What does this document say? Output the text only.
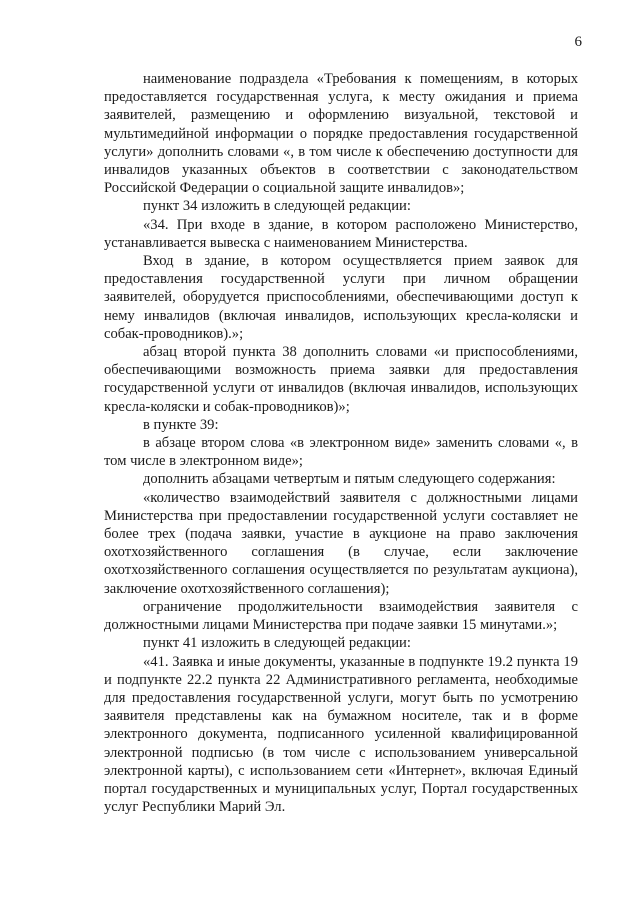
6

наименование подраздела «Требования к помещениям, в которых предоставляется государственная услуга, к месту ожидания и приема заявителей, размещению и оформлению визуальной, текстовой и мультимедийной информации о порядке предоставления государственной услуги» дополнить словами «, в том числе к обеспечению доступности для инвалидов указанных объектов в соответствии с законодательством Российской Федерации о социальной защите инвалидов»;

пункт 34 изложить в следующей редакции:

«34. При входе в здание, в котором расположено Министерство, устанавливается вывеска с наименованием Министерства.

Вход в здание, в котором осуществляется прием заявок для предоставления государственной услуги при личном обращении заявителей, оборудуется приспособлениями, обеспечивающими доступ к нему инвалидов (включая инвалидов, использующих кресла-коляски и собак-проводников).»;

абзац второй пункта 38 дополнить словами «и приспособлениями, обеспечивающими возможность приема заявки для предоставления государственной услуги от инвалидов (включая инвалидов, использующих кресла-коляски и собак-проводников)»;

в пункте 39:

в абзаце втором слова «в электронном виде» заменить словами «, в том числе в электронном виде»;

дополнить абзацами четвертым и пятым следующего содержания:

«количество взаимодействий заявителя с должностными лицами Министерства при предоставлении государственной услуги составляет не более трех (подача заявки, участие в аукционе на право заключения охотхозяйственного соглашения (в случае, если заключение охотхозяйственного соглашения осуществляется по результатам аукциона), заключение охотхозяйственного соглашения);

ограничение продолжительности взаимодействия заявителя с должностными лицами Министерства при подаче заявки 15 минутами.»;

пункт 41 изложить в следующей редакции:

«41. Заявка и иные документы, указанные в подпункте 19.2 пункта 19 и подпункте 22.2 пункта 22 Административного регламента, необходимые для предоставления государственной услуги, могут быть по усмотрению заявителя представлены как на бумажном носителе, так и в форме электронного документа, подписанного усиленной квалифицированной электронной подписью (в том числе с использованием универсальной электронной карты), с использованием сети «Интернет», включая Единый портал государственных и муниципальных услуг, Портал государственных услуг Республики Марий Эл.
